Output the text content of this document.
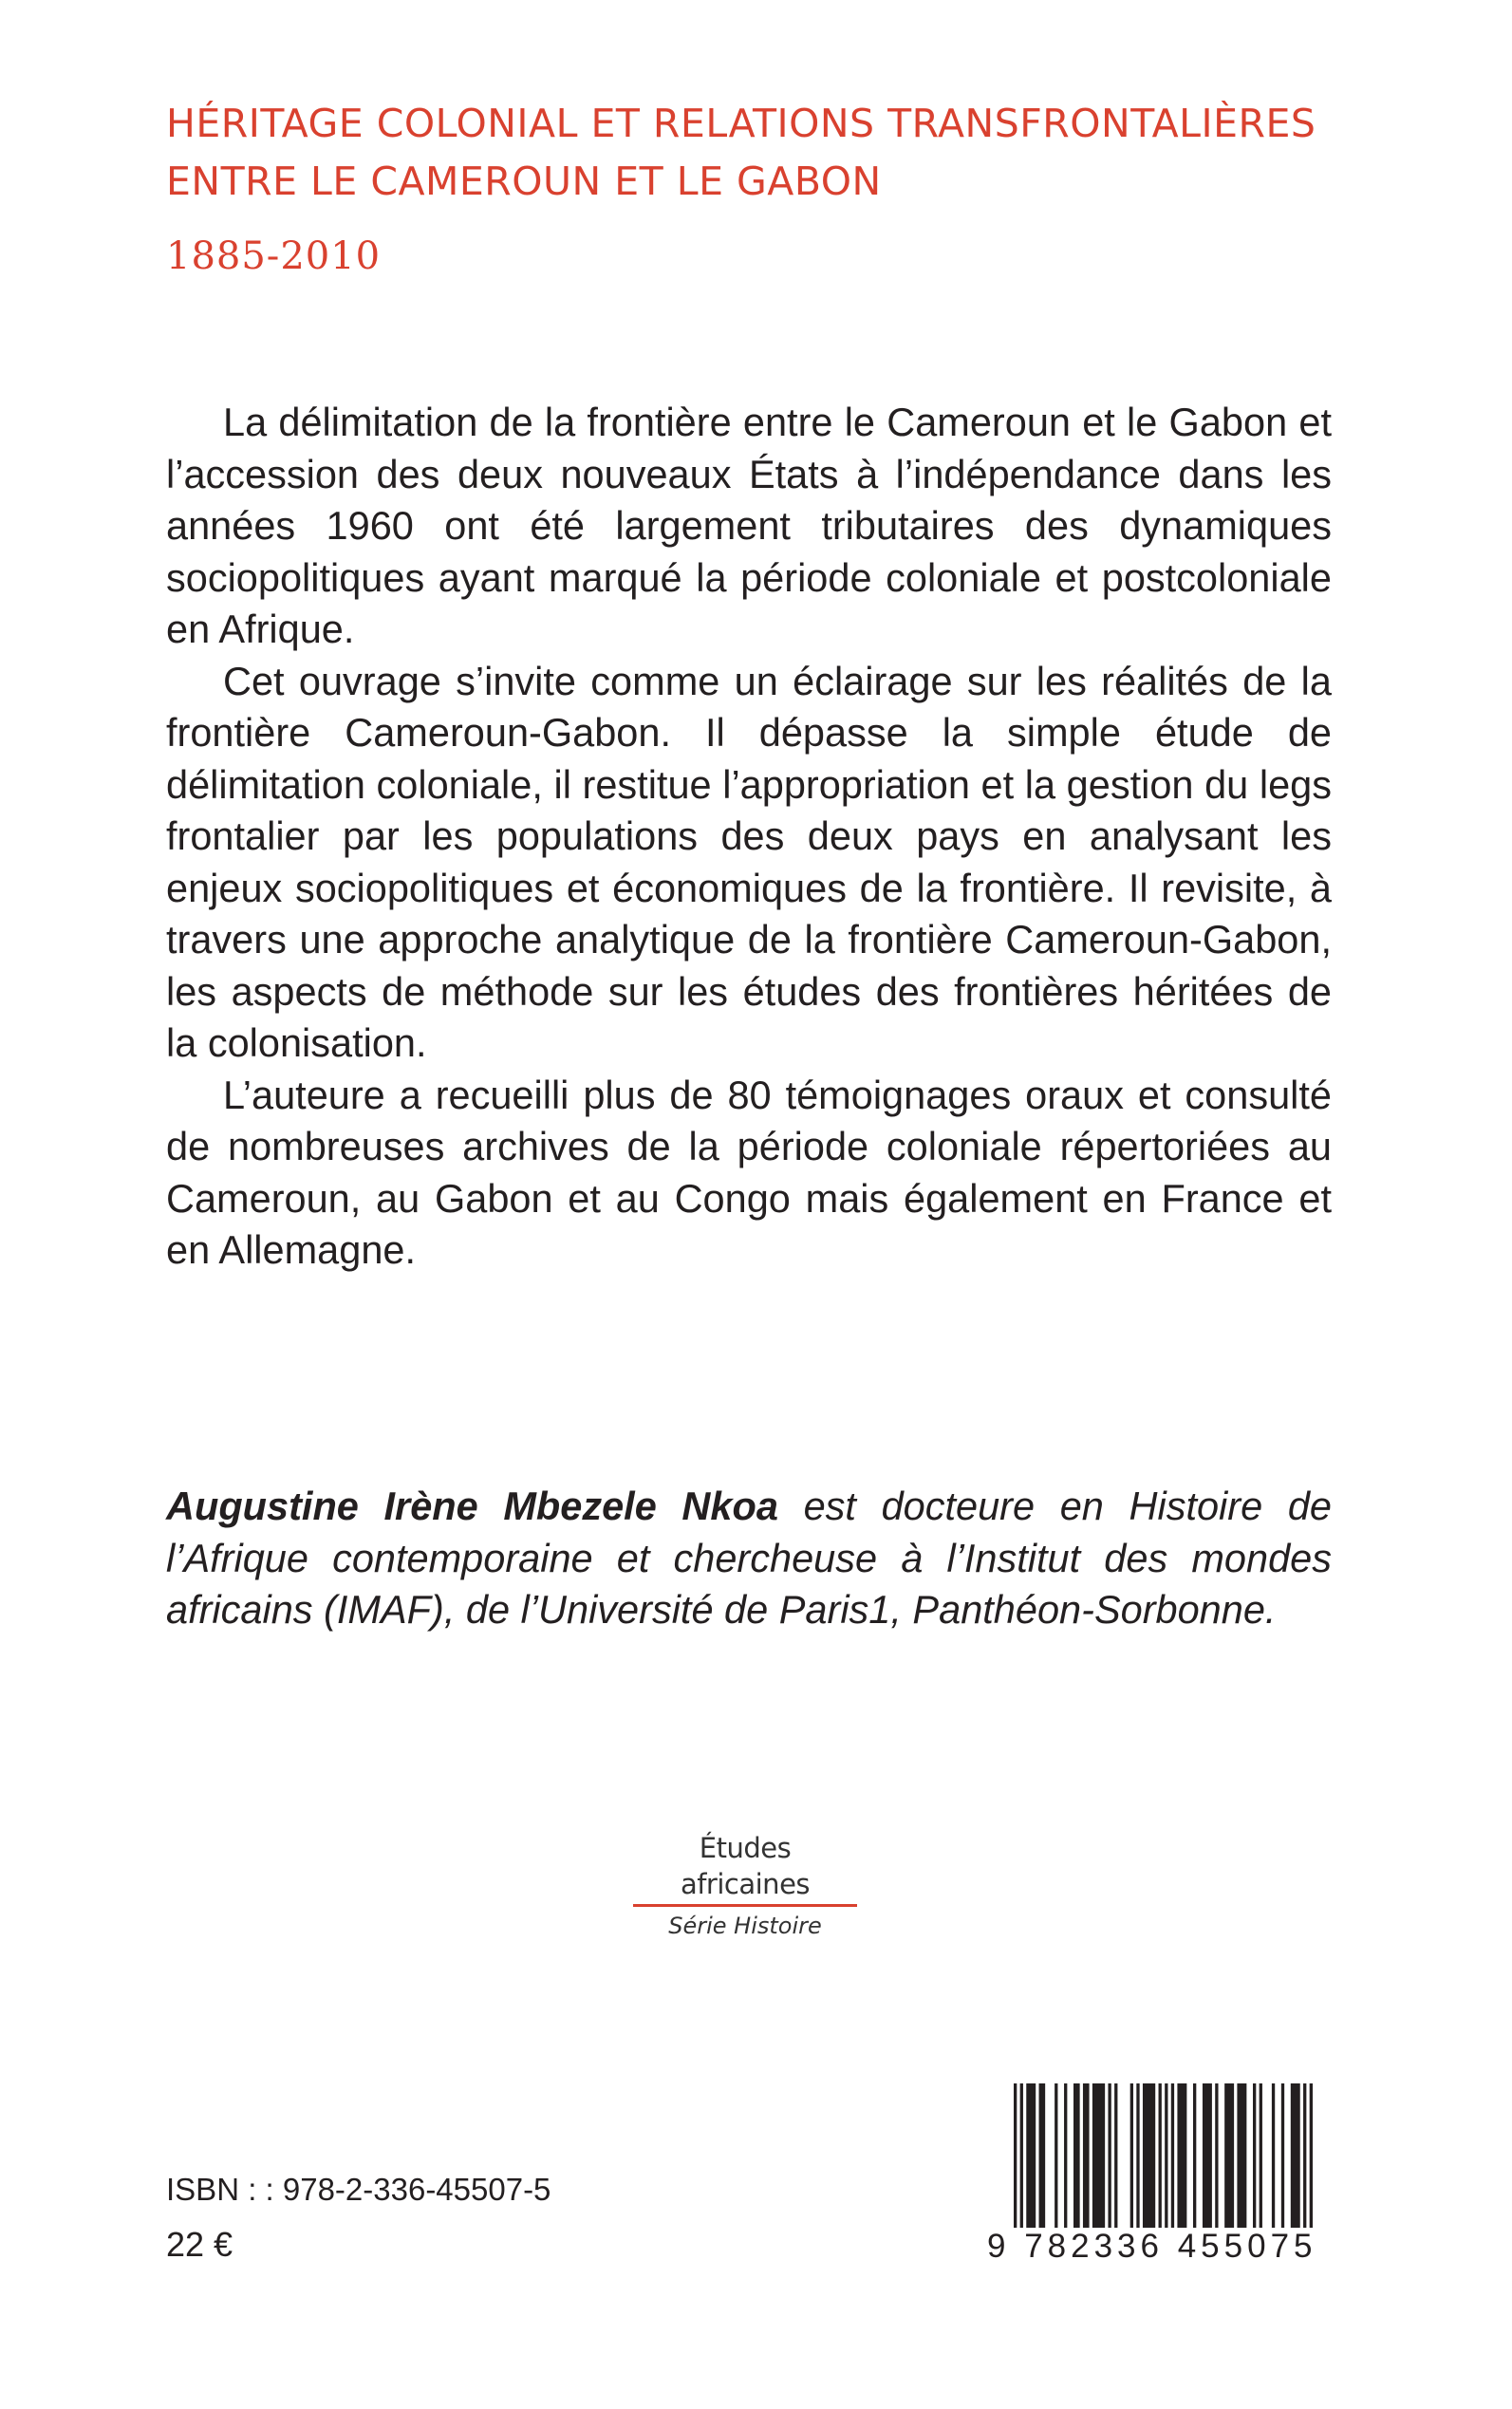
HÉRITAGE COLONIAL ET RELATIONS TRANSFRONTALIÈRES
ENTRE LE CAMEROUN ET LE GABON
1885-2010

La délimitation de la frontière entre le Cameroun et le Gabon et l’accession des deux nouveaux États à l’indépendance dans les années 1960 ont été largement tributaires des dynamiques sociopolitiques ayant marqué la période coloniale et postcoloniale en Afrique.

Cet ouvrage s’invite comme un éclairage sur les réalités de la frontière Cameroun-Gabon. Il dépasse la simple étude de délimitation coloniale, il restitue l’appropriation et la gestion du legs frontalier par les populations des deux pays en analysant les enjeux sociopolitiques et économiques de la frontière. Il revisite, à travers une approche analytique de la frontière Cameroun-Gabon, les aspects de méthode sur les études des frontières héritées de la colonisation.

L’auteure a recueilli plus de 80 témoignages oraux et consulté de nombreuses archives de la période coloniale répertoriées au Cameroun, au Gabon et au Congo mais également en France et en Allemagne.

Augustine Irène Mbezele Nkoa est docteure en Histoire de l’Afrique contemporaine et chercheuse à l’Institut des mondes africains (IMAF), de l’Université de Paris1, Panthéon-Sorbonne.
Études africaines
Série Histoire
ISBN : : 978-2-336-45507-5
22 €	9 782336 455075
